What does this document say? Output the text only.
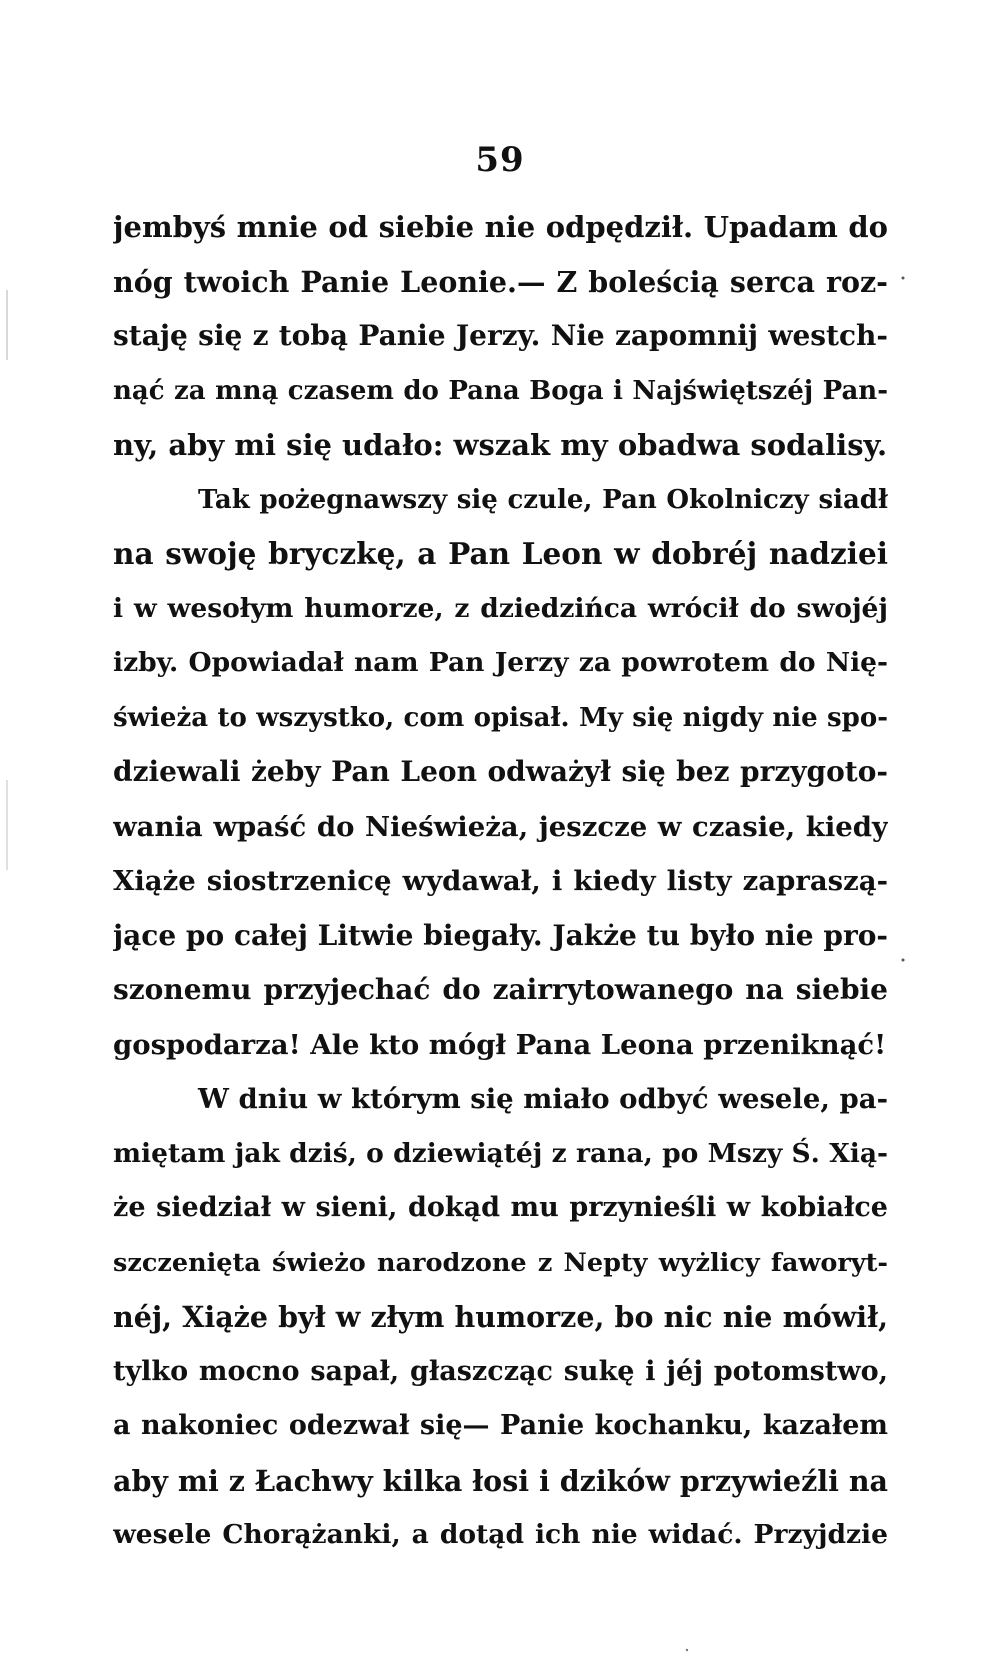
59
jembyś mnie od siebie nie odpędził. Upadam do
nóg twoich Panie Leonie.— Z boleścią serca roz-
staję się z tobą Panie Jerzy. Nie zapomnij westch-
nąć za mną czasem do Pana Boga i Najświętszéj Pan-
ny, aby mi się udało: wszak my obadwa sodalisy.
Tak pożegnawszy się czule, Pan Okolniczy siadł
na swoję bryczkę, a Pan Leon w dobréj nadziei
i w wesołym humorze, z dziedzińca wrócił do swojéj
izby. Opowiadał nam Pan Jerzy za powrotem do Nię-
świeża to wszystko, com opisał. My się nigdy nie spo-
dziewali żeby Pan Leon odważył się bez przygoto-
wania wpaść do Nieświeża, jeszcze w czasie, kiedy
Xiąże siostrzenicę wydawał, i kiedy listy zapraszą-
jące po całej Litwie biegały. Jakże tu było nie pro-
szonemu przyjechać do zairrytowanego na siebie
gospodarza! Ale kto mógł Pana Leona przeniknąć!
W dniu w którym się miało odbyć wesele, pa-
miętam jak dziś, o dziewiątéj z rana, po Mszy Ś. Xią-
że siedział w sieni, dokąd mu przynieśli w kobiałce
szczenięta świeżo narodzone z Nepty wyżlicy faworyt-
néj, Xiąże był w złym humorze, bo nic nie mówił,
tylko mocno sapał, głaszcząc sukę i jéj potomstwo,
a nakoniec odezwał się— Panie kochanku, kazałem
aby mi z Łachwy kilka łosi i dzików przywieźli na
wesele Chorążanki, a dotąd ich nie widać. Przyjdzie
